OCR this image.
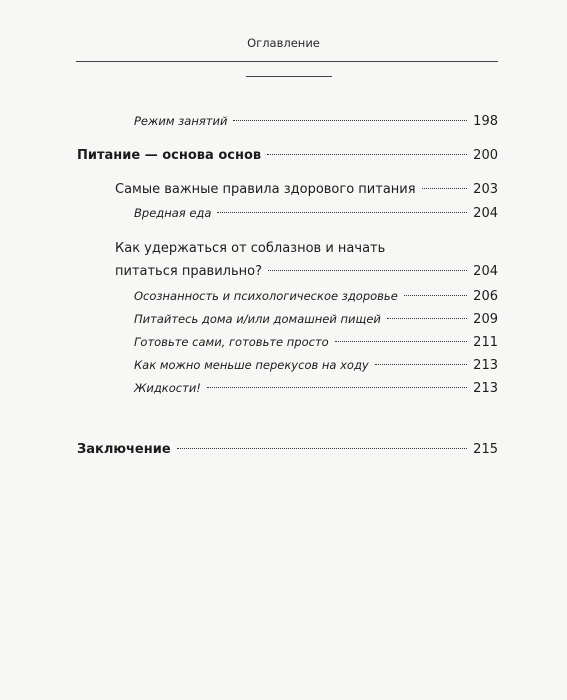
Оглавление
Режим занятий	198
Питание — основа основ	200
Самые важные правила здорового питания	203
Вредная еда	204
Как удержаться от соблазнов и начать
питаться правильно?	204
Осознанность и психологическое здоровье	206
Питайтесь дома и/или домашней пищей	209
Готовьте сами, готовьте просто	211
Как можно меньше перекусов на ходу	213
Жидкости!	213
Заключение	215
